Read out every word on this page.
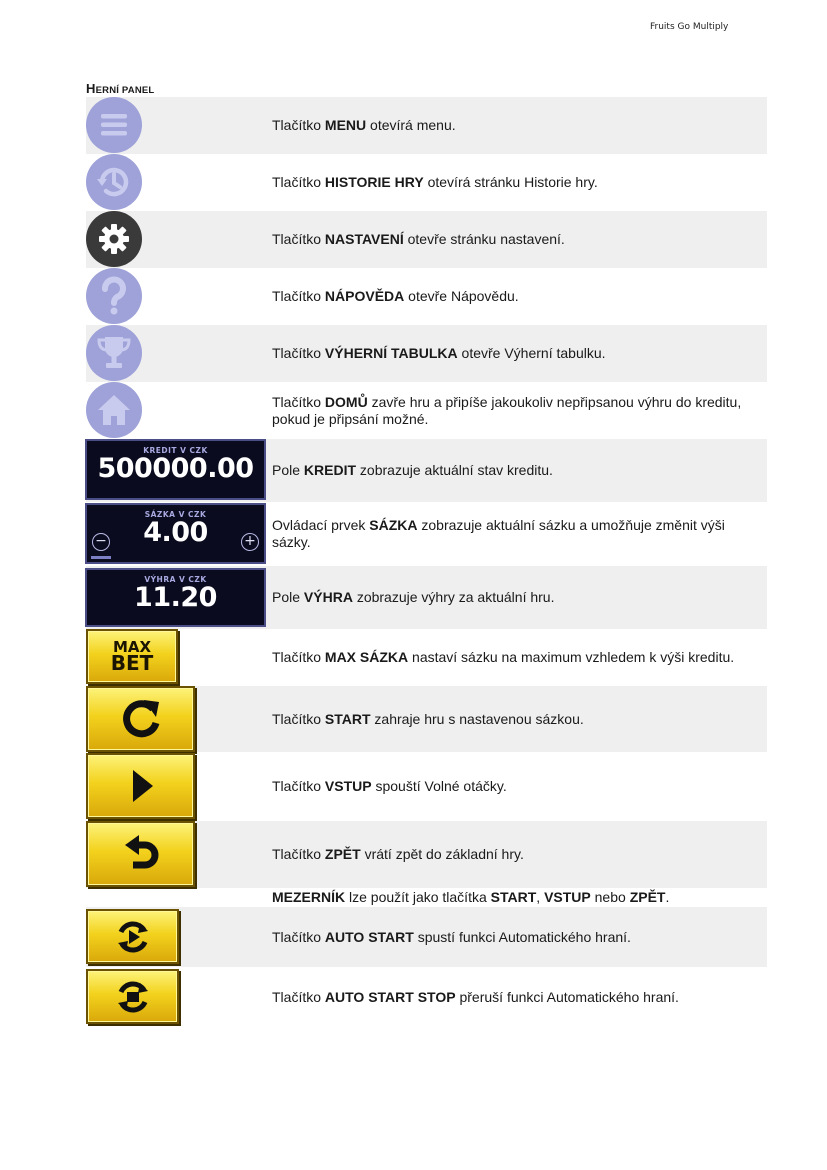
Fruits Go Multiply
HERNÍ PANEL
Tlačítko MENU otevírá menu.
Tlačítko HISTORIE HRY otevírá stránku Historie hry.
Tlačítko NASTAVENÍ otevře stránku nastavení.
Tlačítko NÁPOVĚDA otevře Nápovědu.
Tlačítko VÝHERNÍ TABULKA otevře Výherní tabulku.
Tlačítko DOMŮ zavře hru a připíše jakoukoliv nepřipsanou výhru do kreditu, pokud je připsání možné.
KREDIT V CZK
500000.00	Pole KREDIT zobrazuje aktuální stav kreditu.
SÁZKA V CZK
4.00
−	+
Ovládací prvek SÁZKA zobrazuje aktuální sázku a umožňuje změnit výši sázky.
VÝHRA V CZK
11.20	Pole VÝHRA zobrazuje výhry za aktuální hru.
MAX
BET	Tlačítko MAX SÁZKA nastaví sázku na maximum vzhledem k výši kreditu.
Tlačítko START zahraje hru s nastavenou sázkou.
Tlačítko VSTUP spouští Volné otáčky.
Tlačítko ZPĚT vrátí zpět do základní hry.
MEZERNÍK lze použít jako tlačítka START, VSTUP nebo ZPĚT.
Tlačítko AUTO START spustí funkci Automatického hraní.
Tlačítko AUTO START STOP přeruší funkci Automatického hraní.
